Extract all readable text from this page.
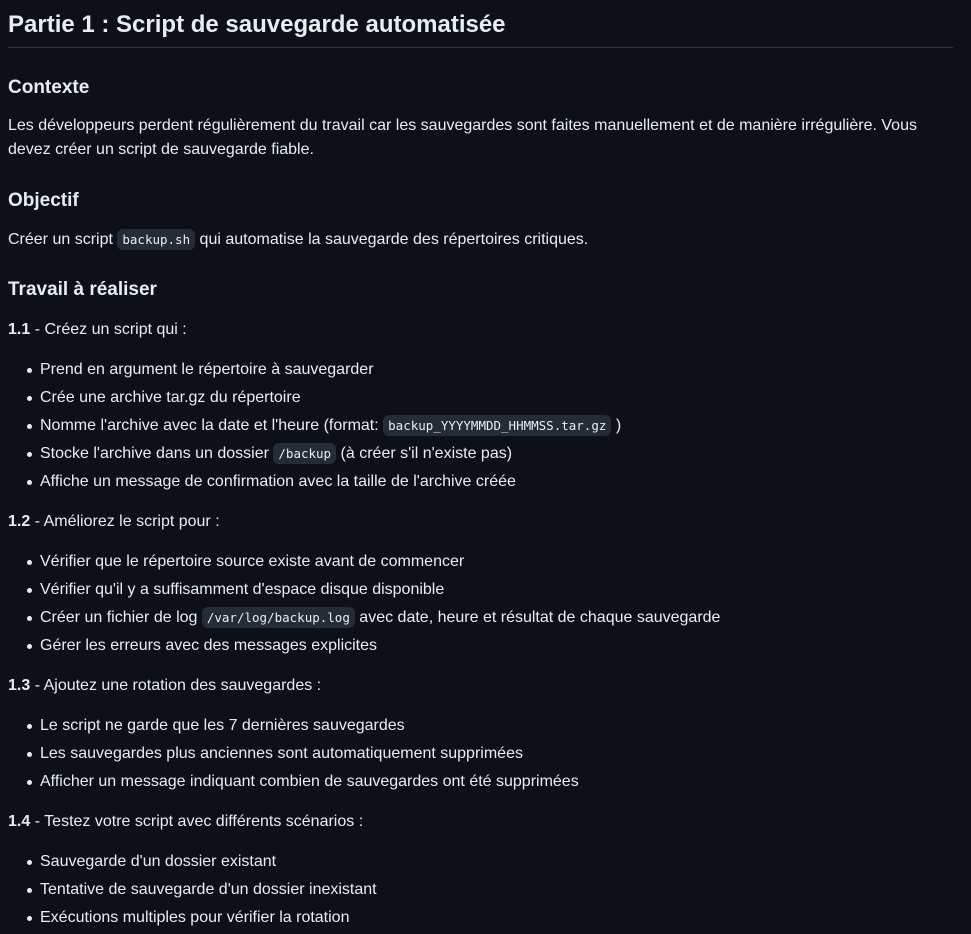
Partie 1 : Script de sauvegarde automatisée
Contexte

Les développeurs perdent régulièrement du travail car les sauvegardes sont faites manuellement et de manière irrégulière. Vous devez créer un script de sauvegarde fiable.

Objectif

Créer un script backup.sh qui automatise la sauvegarde des répertoires critiques.

Travail à réaliser

1.1 - Créez un script qui :

Prend en argument le répertoire à sauvegarder
Crée une archive tar.gz du répertoire
Nomme l'archive avec la date et l'heure (format: backup_YYYYMMDD_HHMMSS.tar.gz )
Stocke l'archive dans un dossier /backup (à créer s'il n'existe pas)
Affiche un message de confirmation avec la taille de l'archive créée

1.2 - Améliorez le script pour :

Vérifier que le répertoire source existe avant de commencer
Vérifier qu'il y a suffisamment d'espace disque disponible
Créer un fichier de log /var/log/backup.log avec date, heure et résultat de chaque sauvegarde
Gérer les erreurs avec des messages explicites

1.3 - Ajoutez une rotation des sauvegardes :

Le script ne garde que les 7 dernières sauvegardes
Les sauvegardes plus anciennes sont automatiquement supprimées
Afficher un message indiquant combien de sauvegardes ont été supprimées

1.4 - Testez votre script avec différents scénarios :

Sauvegarde d'un dossier existant
Tentative de sauvegarde d'un dossier inexistant
Exécutions multiples pour vérifier la rotation
